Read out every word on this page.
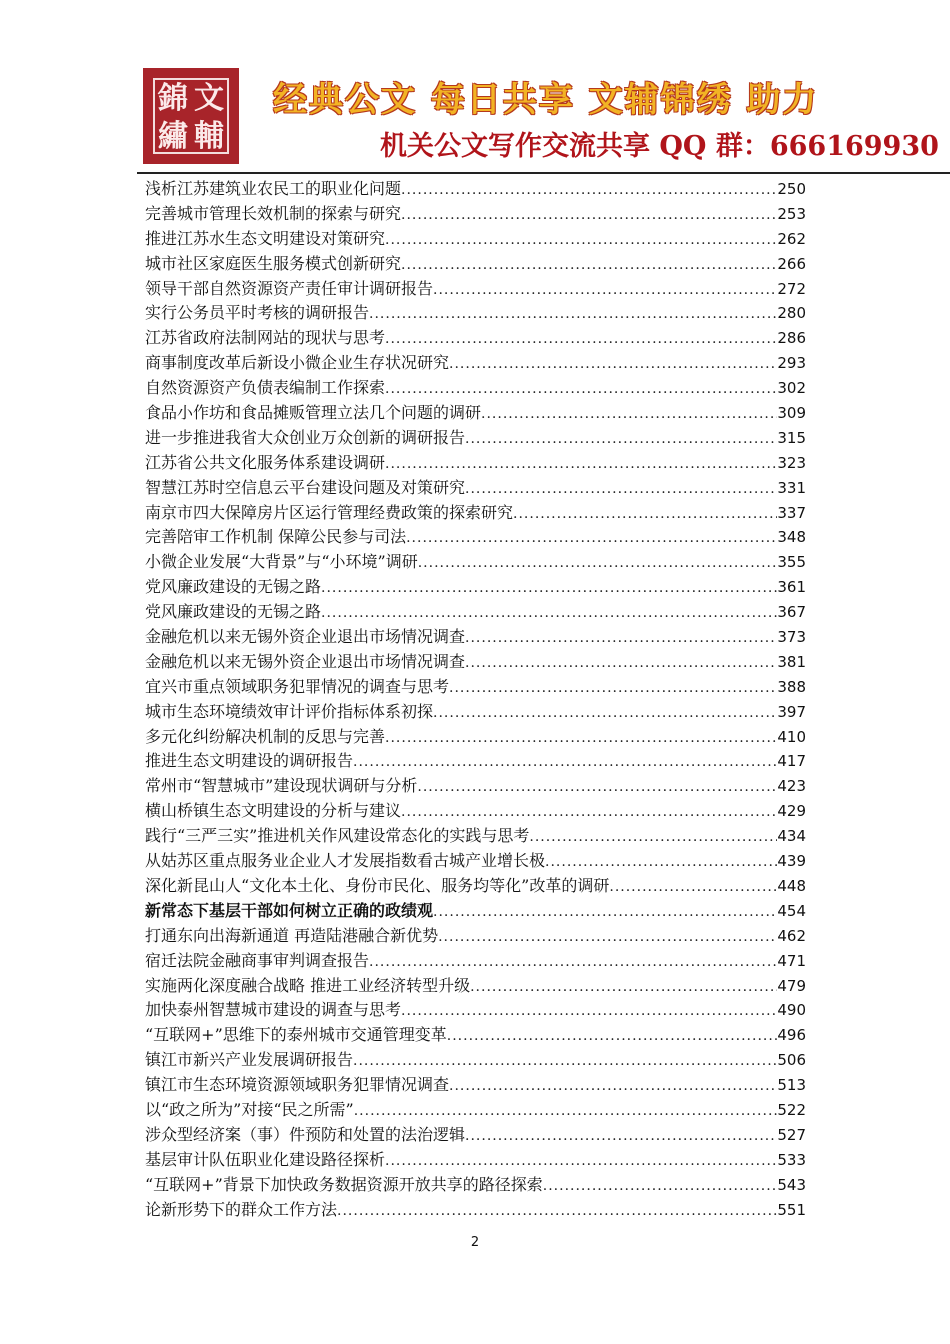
錦 文
繡 輔
经典公文 每日共享 文辅锦绣 助力
机关公文写作交流共享 QQ 群：666169930
浅析江苏建筑业农民工的职业化问题 .....	250
完善城市管理长效机制的探索与研究 .....	253
推进江苏水生态文明建设对策研究 .....	262
城市社区家庭医生服务模式创新研究 .....	266
领导干部自然资源资产责任审计调研报告 .....	272
实行公务员平时考核的调研报告 .....	280
江苏省政府法制网站的现状与思考 .....	286
商事制度改革后新设小微企业生存状况研究 .....	293
自然资源资产负债表编制工作探索 .....	302
食品小作坊和食品摊贩管理立法几个问题的调研 .....	309
进一步推进我省大众创业万众创新的调研报告 .....	315
江苏省公共文化服务体系建设调研 .....	323
智慧江苏时空信息云平台建设问题及对策研究 .....	331
南京市四大保障房片区运行管理经费政策的探索研究 .....	337
完善陪审工作机制 保障公民参与司法 .....	348
小微企业发展“大背景”与“小环境”调研 .....	355
党风廉政建设的无锡之路 .....	361
党风廉政建设的无锡之路 .....	367
金融危机以来无锡外资企业退出市场情况调查 .....	373
金融危机以来无锡外资企业退出市场情况调查 .....	381
宜兴市重点领域职务犯罪情况的调查与思考 .....	388
城市生态环境绩效审计评价指标体系初探 .....	397
多元化纠纷解决机制的反思与完善 .....	410
推进生态文明建设的调研报告 .....	417
常州市“智慧城市”建设现状调研与分析 .....	423
横山桥镇生态文明建设的分析与建议 .....	429
践行“三严三实”推进机关作风建设常态化的实践与思考 .....	434
从姑苏区重点服务业企业人才发展指数看古城产业增长极 .....	439
深化新昆山人“文化本土化、身份市民化、服务均等化”改革的调研 .....	448
新常态下基层干部如何树立正确的政绩观 .....	454
打通东向出海新通道 再造陆港融合新优势 .....	462
宿迁法院金融商事审判调查报告 .....	471
实施两化深度融合战略 推进工业经济转型升级 .....	479
加快泰州智慧城市建设的调查与思考 .....	490
“互联网+”思维下的泰州城市交通管理变革 .....	496
镇江市新兴产业发展调研报告 .....	506
镇江市生态环境资源领域职务犯罪情况调查 .....	513
以“政之所为”对接“民之所需” .....	522
涉众型经济案（事）件预防和处置的法治逻辑 .....	527
基层审计队伍职业化建设路径探析 .....	533
“互联网+”背景下加快政务数据资源开放共享的路径探索 .....	543
论新形势下的群众工作方法 .....	551
2
